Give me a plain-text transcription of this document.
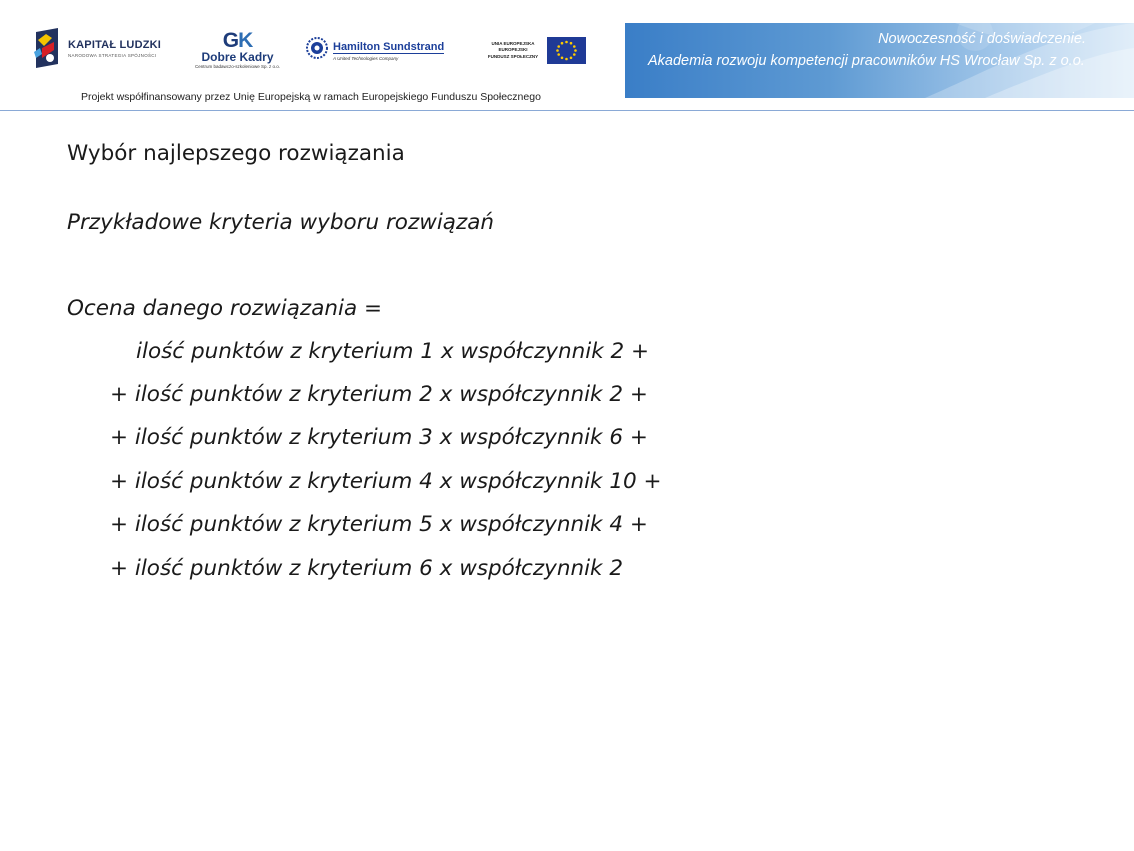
KAPITAŁ LUDZKI
NARODOWA STRATEGIA SPÓJNOŚCI
GK
Dobre Kadry
Centrum badawczo-szkoleniowe Sp. z o.o.
Hamilton Sundstrand
A United Technologies Company
UNIA EUROPEJSKA
EUROPEJSKI
FUNDUSZ SPOŁECZNY
Nowoczesność i doświadczenie.
Akademia rozwoju kompetencji pracowników HS Wrocław Sp. z o.o.
Projekt współfinansowany przez Unię Europejską w ramach Europejskiego Funduszu Społecznego
Wybór najlepszego rozwiązania
Przykładowe kryteria wyboru rozwiązań
Ocena danego rozwiązania =
ilość punktów z kryterium 1 x współczynnik 2 +
+ ilość punktów z kryterium 2 x współczynnik 2 +
+ ilość punktów z kryterium 3 x współczynnik 6 +
+ ilość punktów z kryterium 4 x współczynnik 10 +
+ ilość punktów z kryterium 5 x współczynnik 4 +
+ ilość punktów z kryterium 6 x współczynnik 2
